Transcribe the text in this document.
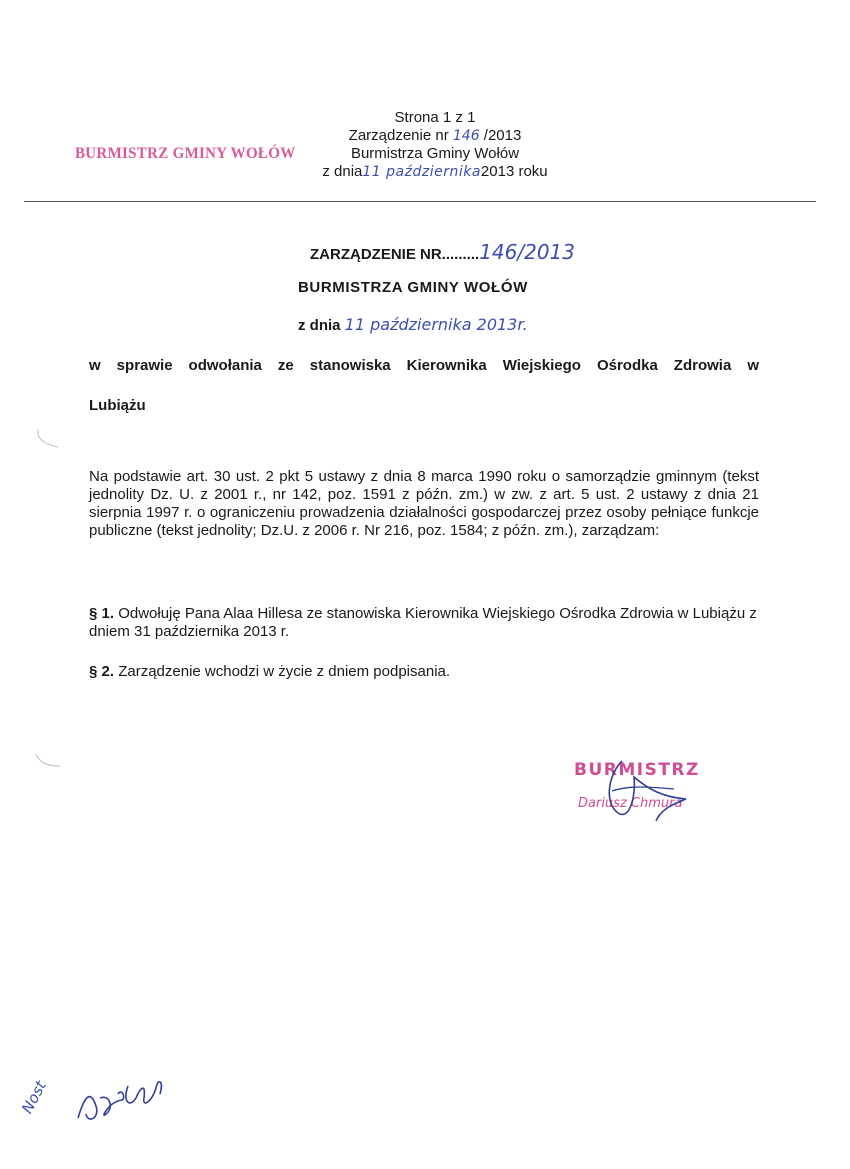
BURMISTRZ GMINY WOŁÓW
Strona 1 z 1
Zarządzenie nr 146 /2013
Burmistrza Gminy Wołów
z dnia11 października2013 roku
ZARZĄDZENIE NR.........146/2013
BURMISTRZA GMINY WOŁÓW
z dnia 11 października 2013r.
w sprawie odwołania ze stanowiska Kierownika Wiejskiego Ośrodka Zdrowia w
Lubiążu
Na podstawie art. 30 ust. 2 pkt 5 ustawy z dnia 8 marca 1990 roku o samorządzie gminnym (tekst jednolity Dz. U. z 2001 r., nr 142, poz. 1591 z późn. zm.) w zw. z art. 5 ust. 2 ustawy z dnia 21 sierpnia 1997 r. o ograniczeniu prowadzenia działalności gospodarczej przez osoby pełniące funkcje publiczne (tekst jednolity; Dz.U. z 2006 r. Nr 216, poz. 1584; z późn. zm.), zarządzam:
§ 1. Odwołuję Pana Alaa Hillesa ze stanowiska Kierownika Wiejskiego Ośrodka Zdrowia w Lubiążu z dniem 31 października 2013 r.
§ 2. Zarządzenie wchodzi w życie z dniem podpisania.
BURMISTRZ
Dariusz Chmura
Nost
